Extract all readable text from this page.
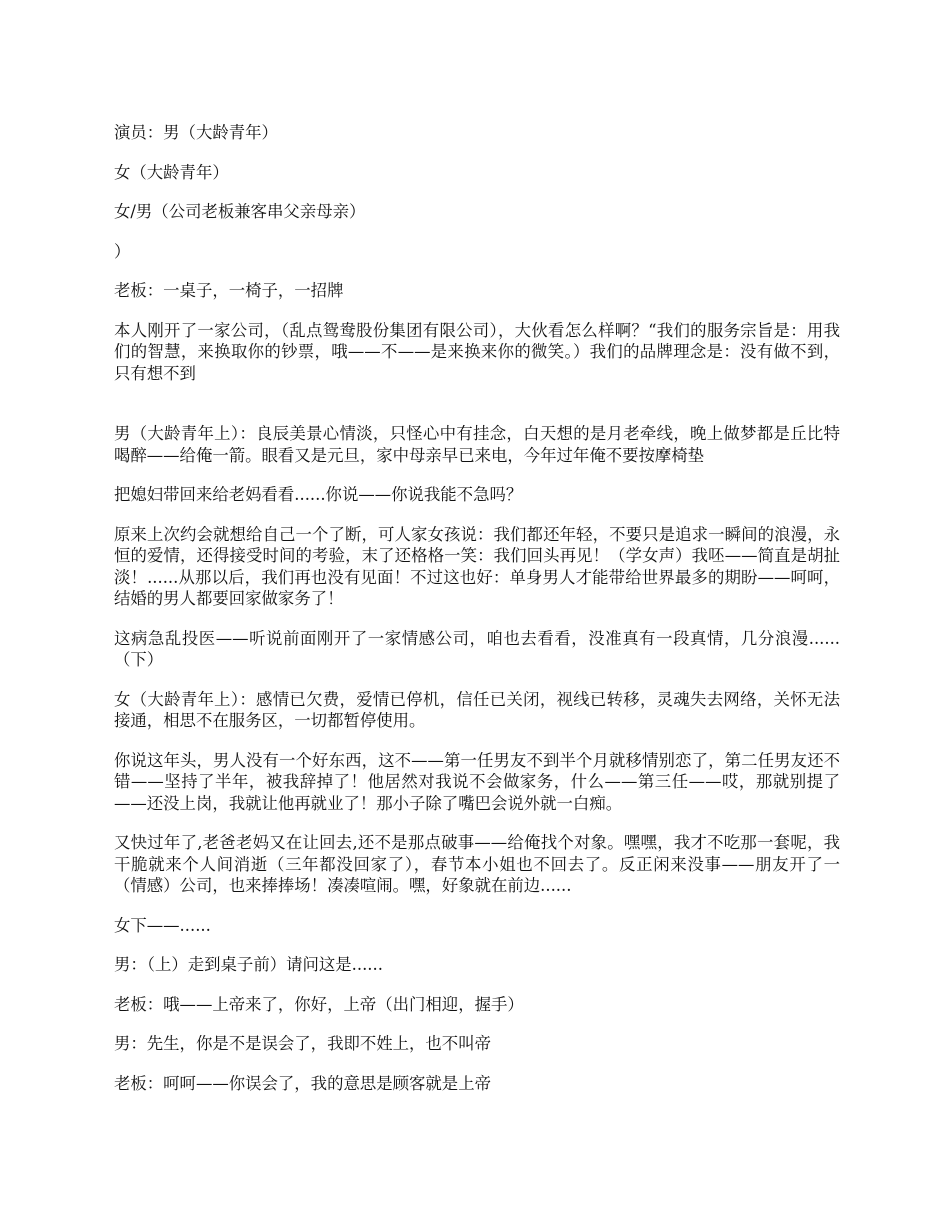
演员：男（大龄青年）

女（大龄青年）

女/男（公司老板兼客串父亲母亲）

）

老板：一桌子，一椅子，一招牌

本人刚开了一家公司，（乱点鸳鸯股份集团有限公司），大伙看怎么样啊？“我们的服务宗旨是：用我们的智慧，来换取你的钞票，哦——不——是来换来你的微笑。）我们的品牌理念是：没有做不到，只有想不到

男（大龄青年上）：良辰美景心情淡，只怪心中有挂念，白天想的是月老牵线，晚上做梦都是丘比特喝醉——给俺一箭。眼看又是元旦，家中母亲早已来电，今年过年俺不要按摩椅垫

把媳妇带回来给老妈看看......你说——你说我能不急吗？

原来上次约会就想给自己一个了断，可人家女孩说：我们都还年轻，不要只是追求一瞬间的浪漫，永恒的爱情，还得接受时间的考验，末了还格格一笑：我们回头再见！（学女声）我呸——简直是胡扯淡！......从那以后，我们再也没有见面！不过这也好：单身男人才能带给世界最多的期盼——呵呵，结婚的男人都要回家做家务了！

这病急乱投医——听说前面刚开了一家情感公司，咱也去看看，没准真有一段真情，几分浪漫......（下）

女（大龄青年上）：感情已欠费，爱情已停机，信任已关闭，视线已转移，灵魂失去网络，关怀无法接通，相思不在服务区，一切都暂停使用。

你说这年头，男人没有一个好东西，这不——第一任男友不到半个月就移情别恋了，第二任男友还不错——坚持了半年，被我辞掉了！他居然对我说不会做家务，什么——第三任——哎，那就别提了——还没上岗，我就让他再就业了！那小子除了嘴巴会说外就一白痴。

又快过年了,老爸老妈又在让回去,还不是那点破事——给俺找个对象。嘿嘿，我才不吃那一套呢，我干脆就来个人间消逝（三年都没回家了），春节本小姐也不回去了。反正闲来没事——朋友开了一（情感）公司，也来捧捧场！凑凑喧闹。嘿，好象就在前边......

女下——......

男：（上）走到桌子前）请问这是......

老板：哦——上帝来了，你好，上帝（出门相迎，握手）

男：先生，你是不是误会了，我即不姓上，也不叫帝

老板：呵呵——你误会了，我的意思是顾客就是上帝
